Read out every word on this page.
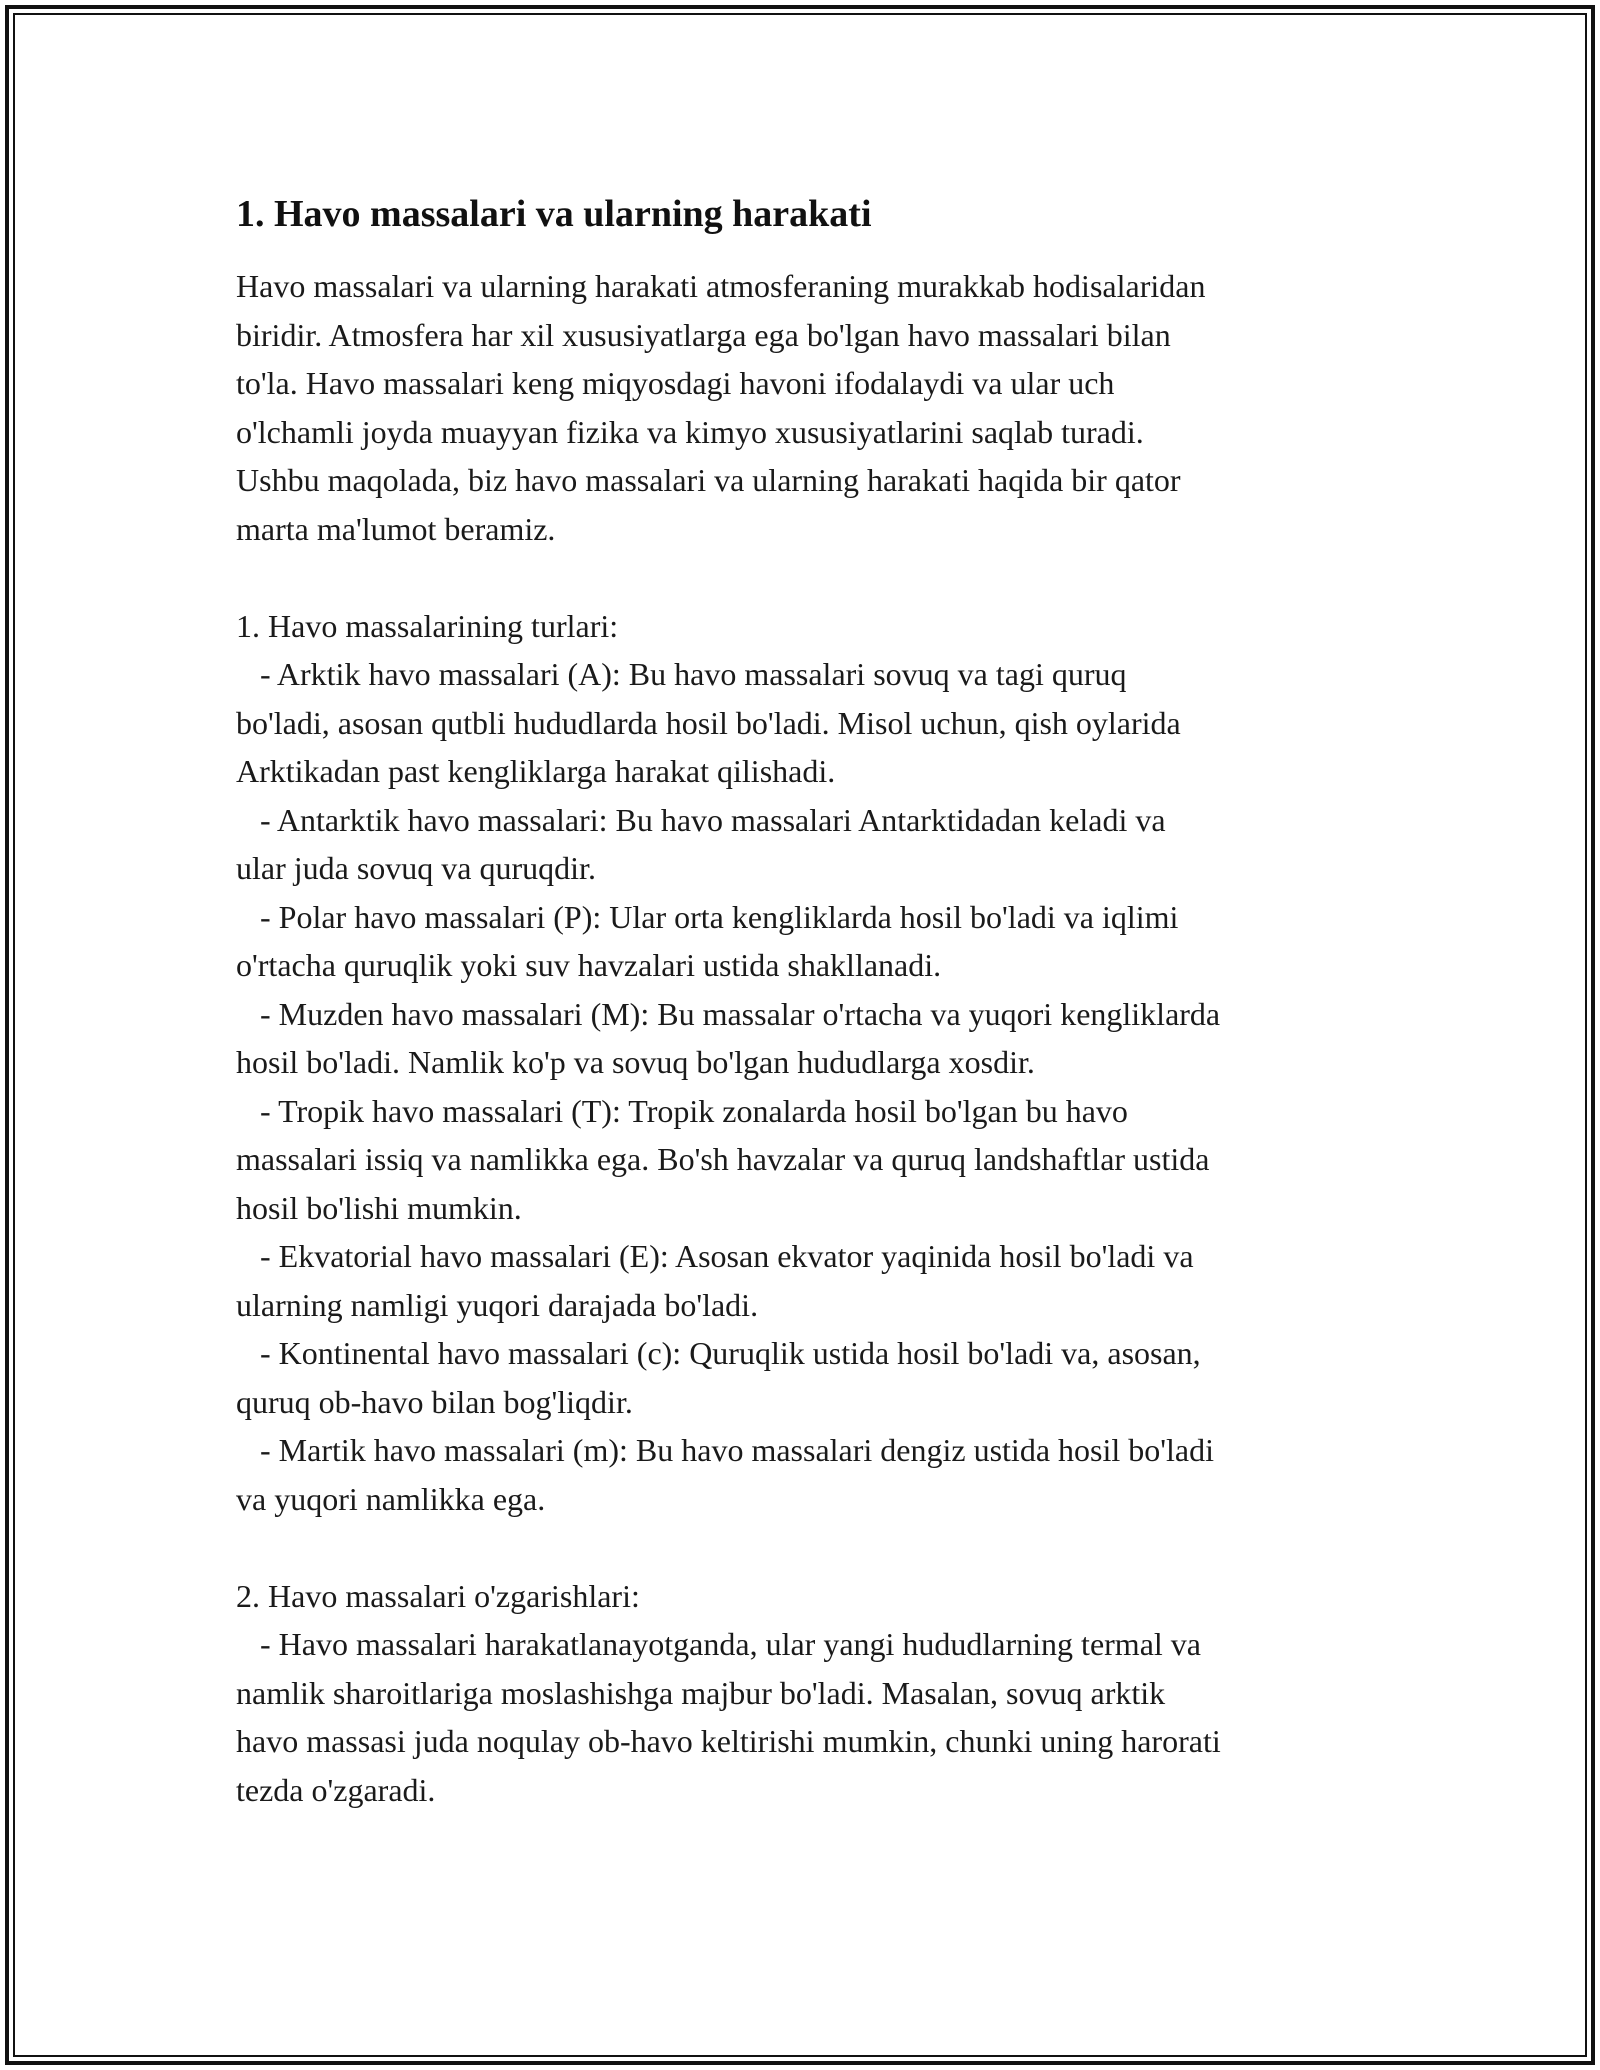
1. Havo massalari va ularning harakati
Havo massalari va ularning harakati atmosferaning murakkab hodisalaridan
biridir. Atmosfera har xil xususiyatlarga ega bo'lgan havo massalari bilan
to'la. Havo massalari keng miqyosdagi havoni ifodalaydi va ular uch
o'lchamli joyda muayyan fizika va kimyo xususiyatlarini saqlab turadi.
Ushbu maqolada, biz havo massalari va ularning harakati haqida bir qator
marta ma'lumot beramiz.

1. Havo massalarining turlari:
- Arktik havo massalari (A): Bu havo massalari sovuq va tagi quruq
bo'ladi, asosan qutbli hududlarda hosil bo'ladi. Misol uchun, qish oylarida
Arktikadan past kengliklarga harakat qilishadi.
- Antarktik havo massalari: Bu havo massalari Antarktidadan keladi va
ular juda sovuq va quruqdir.
- Polar havo massalari (P): Ular orta kengliklarda hosil bo'ladi va iqlimi
o'rtacha quruqlik yoki suv havzalari ustida shakllanadi.
- Muzden havo massalari (M): Bu massalar o'rtacha va yuqori kengliklarda
hosil bo'ladi. Namlik ko'p va sovuq bo'lgan hududlarga xosdir.
- Tropik havo massalari (T): Tropik zonalarda hosil bo'lgan bu havo
massalari issiq va namlikka ega. Bo'sh havzalar va quruq landshaftlar ustida
hosil bo'lishi mumkin.
- Ekvatorial havo massalari (E): Asosan ekvator yaqinida hosil bo'ladi va
ularning namligi yuqori darajada bo'ladi.
- Kontinental havo massalari (c): Quruqlik ustida hosil bo'ladi va, asosan,
quruq ob-havo bilan bog'liqdir.
- Martik havo massalari (m): Bu havo massalari dengiz ustida hosil bo'ladi
va yuqori namlikka ega.

2. Havo massalari o'zgarishlari:
- Havo massalari harakatlanayotganda, ular yangi hududlarning termal va
namlik sharoitlariga moslashishga majbur bo'ladi. Masalan, sovuq arktik
havo massasi juda noqulay ob-havo keltirishi mumkin, chunki uning harorati
tezda o'zgaradi.
